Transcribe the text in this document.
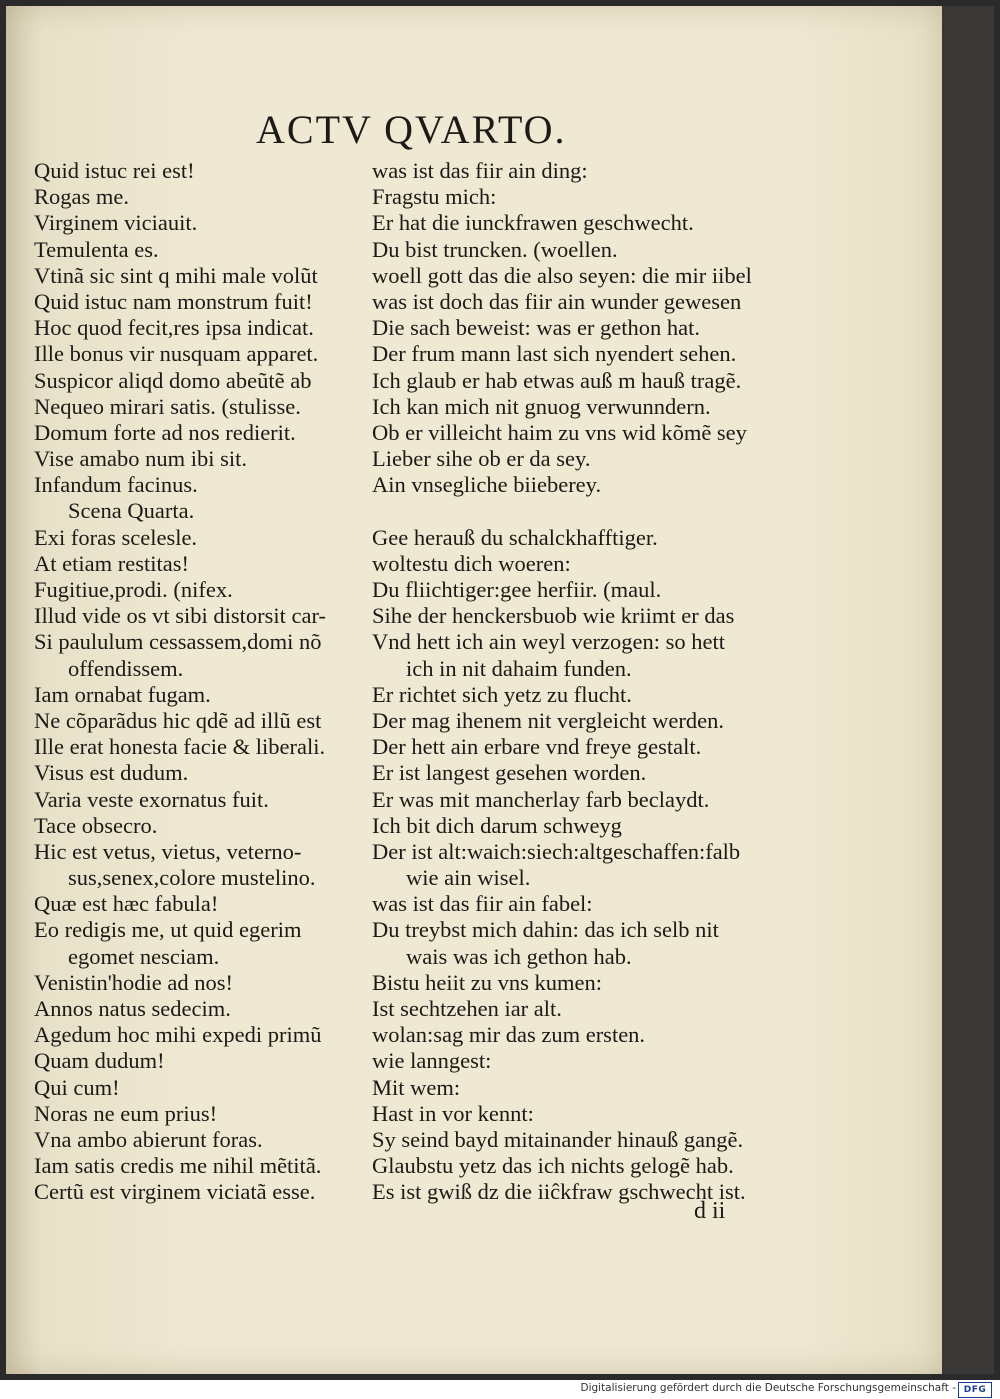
ACTV QVARTO.
Quid istuc rei est!
Rogas me.
Virginem viciauit.
Temulenta es.
Vtinã sic sint q mihi male volũt
Quid istuc nam monstrum fuit!
Hoc quod fecit,res ipsa indicat.
Ille bonus vir nusquam apparet.
Suspicor aliqd domo abeũtẽ ab
Nequeo mirari satis. (stulisse.
Domum forte ad nos redierit.
Vise amabo num ibi sit.
Infandum facinus.
Scena Quarta.
Exi foras scelesle.
At etiam restitas!
Fugitiue,prodi. (nifex.
Illud vide os vt sibi distorsit car-
Si paululum cessassem,domi nõ
offendissem.
Iam ornabat fugam.
Ne cõparãdus hic qdẽ ad illũ est
Ille erat honesta facie & liberali.
Visus est dudum.
Varia veste exornatus fuit.
Tace obsecro.
Hic est vetus, vietus, veterno-
sus,senex,colore mustelino.
Quæ est hæc fabula!
Eo redigis me, ut quid egerim
egomet nesciam.
Venistin'hodie ad nos!
Annos natus sedecim.
Agedum hoc mihi expedi primũ
Quam dudum!
Qui cum!
Noras ne eum prius!
Vna ambo abierunt foras.
Iam satis credis me nihil mẽtitã.
Certũ est virginem viciatã esse.
was ist das fiir ain ding:
Fragstu mich:
Er hat die iunckfrawen geschwecht.
Du bist truncken. (woellen.
woell gott das die also seyen: die mir iibel
was ist doch das fiir ain wunder gewesen
Die sach beweist: was er gethon hat.
Der frum mann last sich nyendert sehen.
Ich glaub er hab etwas auß m hauß tragẽ.
Ich kan mich nit gnuog verwunndern.
Ob er villeicht haim zu vns wid kõmẽ sey
Lieber sihe ob er da sey.
Ain vnsegliche biieberey.
Gee herauß du schalckhafftiger.
woltestu dich woeren:
Du fliichtiger:gee herfiir. (maul.
Sihe der henckersbuob wie kriimt er das
Vnd hett ich ain weyl verzogen: so hett
ich in nit dahaim funden.
Er richtet sich yetz zu flucht.
Der mag ihenem nit vergleicht werden.
Der hett ain erbare vnd freye gestalt.
Er ist langest gesehen worden.
Er was mit mancherlay farb beclaydt.
Ich bit dich darum schweyg
Der ist alt:waich:siech:altgeschaffen:falb
wie ain wisel.
was ist das fiir ain fabel:
Du treybst mich dahin: das ich selb nit
wais was ich gethon hab.
Bistu heiit zu vns kumen:
Ist sechtzehen iar alt.
wolan:sag mir das zum ersten.
wie lanngest:
Mit wem:
Hast in vor kennt:
Sy seind bayd mitainander hinauß gangẽ.
Glaubstu yetz das ich nichts gelogẽ hab.
Es ist gwiß dz die iiĉkfraw gschwecht ist.
d ii
Digitalisierung gefördert durch die Deutsche Forschungsgemeinschaft - DFG
